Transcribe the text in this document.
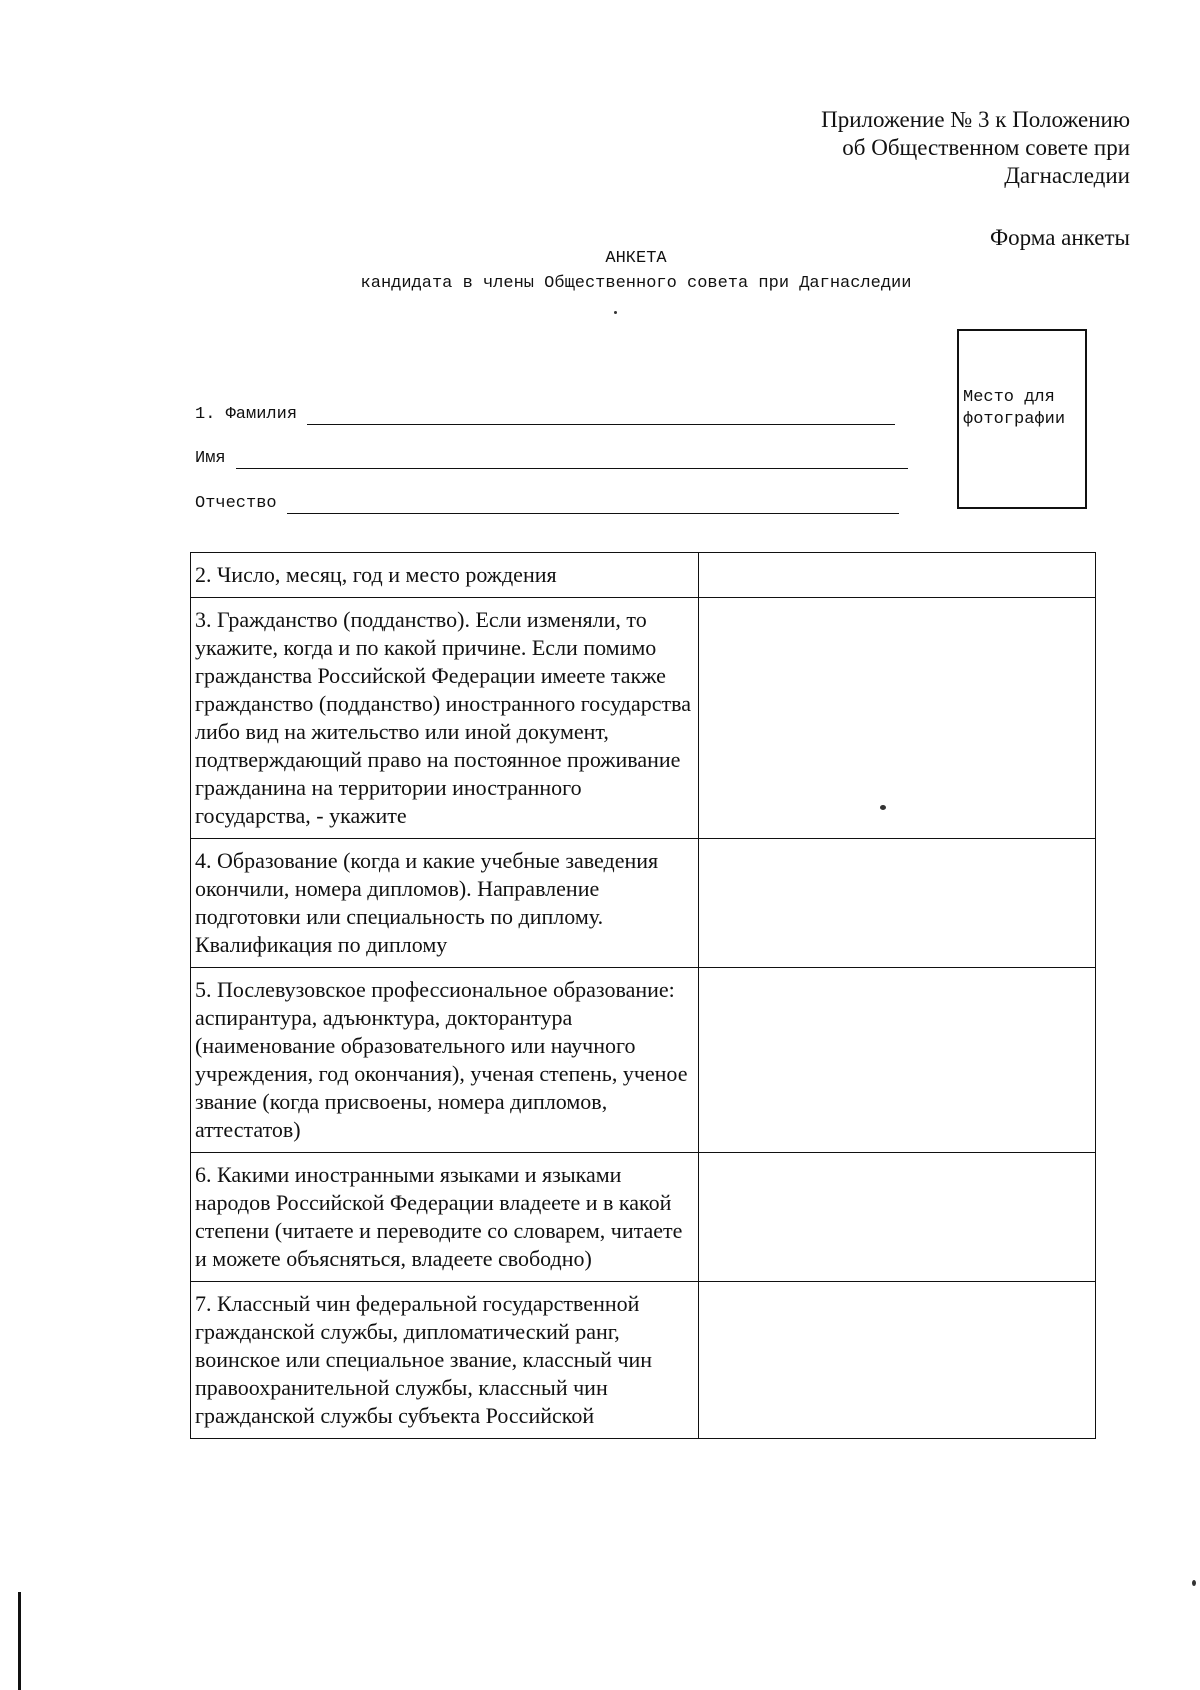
Приложение № 3 к Положению
об Общественном совете при
Дагнаследии
Форма анкеты
АНКЕТА
кандидата в члены Общественного совета при Дагнаследии
Место для фотографии
1. Фамилия
Имя
Отчество
2. Число, месяц, год и место рождения	

3. Гражданство (подданство). Если изменяли, то укажите, когда и по какой причине. Если помимо гражданства Российской Федерации имеете также гражданство (подданство) иностранного государства либо вид на жительство или иной документ, подтверждающий право на постоянное проживание гражданина на территории иностранного государства, - укажите	

4. Образование (когда и какие учебные заведения окончили, номера дипломов). Направление подготовки или специальность по диплому.
Квалификация по диплому	

5. Послевузовское профессиональное образование: аспирантура, адъюнктура, докторантура (наименование образовательного или научного учреждения, год окончания), ученая степень, ученое звание (когда присвоены, номера дипломов, аттестатов)	

6. Какими иностранными языками и языками народов Российской Федерации владеете и в какой степени (читаете и переводите со словарем, читаете и можете объясняться, владеете свободно)	

7. Классный чин федеральной государственной гражданской службы, дипломатический ранг, воинское или специальное звание, классный чин правоохранительной службы, классный чин гражданской службы субъекта Российской	
